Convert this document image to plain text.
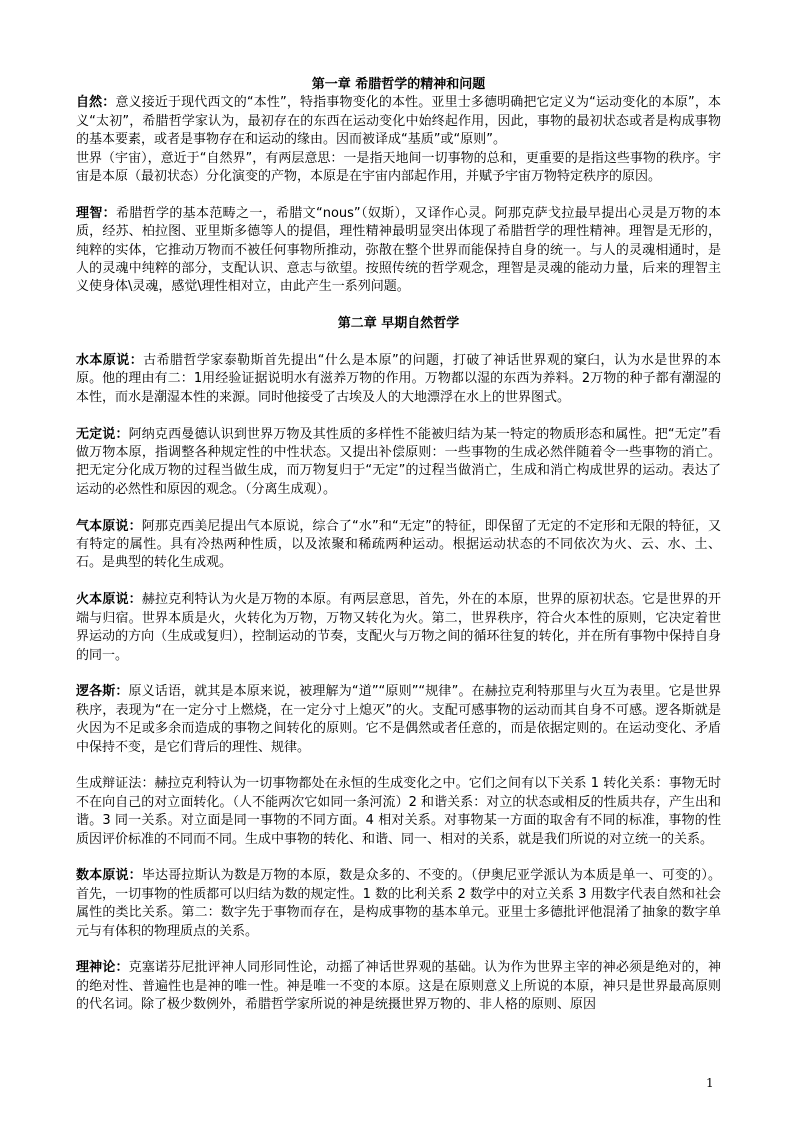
第一章 希腊哲学的精神和问题

自然：意义接近于现代西文的“本性”，特指事物变化的本性。亚里士多德明确把它定义为“运动变化的本原”，本义“太初”，希腊哲学家认为，最初存在的东西在运动变化中始终起作用，因此，事物的最初状态或者是构成事物的基本要素，或者是事物存在和运动的缘由。因而被译成“基质”或“原则”。

世界（宇宙），意近于“自然界”，有两层意思：一是指天地间一切事物的总和，更重要的是指这些事物的秩序。宇宙是本原（最初状态）分化演变的产物，本原是在宇宙内部起作用，并赋予宇宙万物特定秩序的原因。

理智：希腊哲学的基本范畴之一，希腊文“nous”（奴斯），又译作心灵。阿那克萨戈拉最早提出心灵是万物的本质，经苏、柏拉图、亚里斯多德等人的提倡，理性精神最明显突出体现了希腊哲学的理性精神。理智是无形的，纯粹的实体，它推动万物而不被任何事物所推动，弥散在整个世界而能保持自身的统一。与人的灵魂相通时，是人的灵魂中纯粹的部分，支配认识、意志与欲望。按照传统的哲学观念，理智是灵魂的能动力量，后来的理智主义使身体\灵魂，感觉\理性相对立，由此产生一系列问题。

第二章 早期自然哲学

水本原说：古希腊哲学家泰勒斯首先提出“什么是本原”的问题，打破了神话世界观的窠臼，认为水是世界的本原。他的理由有二：1用经验证据说明水有滋养万物的作用。万物都以湿的东西为养料。2万物的种子都有潮湿的本性，而水是潮湿本性的来源。同时他接受了古埃及人的大地漂浮在水上的世界图式。

无定说：阿纳克西曼德认识到世界万物及其性质的多样性不能被归结为某一特定的物质形态和属性。把“无定”看做万物本原，指调整各种规定性的中性状态。又提出补偿原则：一些事物的生成必然伴随着令一些事物的消亡。把无定分化成万物的过程当做生成，而万物复归于“无定”的过程当做消亡，生成和消亡构成世界的运动。表达了运动的必然性和原因的观念。（分离生成观）。

气本原说：阿那克西美尼提出气本原说，综合了“水”和“无定”的特征，即保留了无定的不定形和无限的特征，又有特定的属性。具有冷热两种性质，以及浓聚和稀疏两种运动。根据运动状态的不同依次为火、云、水、土、石。是典型的转化生成观。

火本原说：赫拉克利特认为火是万物的本原。有两层意思，首先，外在的本原，世界的原初状态。它是世界的开端与归宿。世界本质是火，火转化为万物，万物又转化为火。第二，世界秩序，符合火本性的原则，它决定着世界运动的方向（生成或复归），控制运动的节奏，支配火与万物之间的循环往复的转化，并在所有事物中保持自身的同一。

逻各斯：原义话语，就其是本原来说，被理解为“道”“原则”“规律”。在赫拉克利特那里与火互为表里。它是世界秩序，表现为“在一定分寸上燃烧，在一定分寸上熄灭”的火。支配可感事物的运动而其自身不可感。逻各斯就是火因为不足或多余而造成的事物之间转化的原则。它不是偶然或者任意的，而是依据定则的。在运动变化、矛盾中保持不变，是它们背后的理性、规律。

生成辩证法：赫拉克利特认为一切事物都处在永恒的生成变化之中。它们之间有以下关系 1 转化关系：事物无时不在向自己的对立面转化。（人不能两次它如同一条河流）2 和谐关系：对立的状态或相反的性质共存，产生出和谐。3 同一关系。对立面是同一事物的不同方面。4 相对关系。对事物某一方面的取舍有不同的标准，事物的性质因评价标准的不同而不同。生成中事物的转化、和谐、同一、相对的关系，就是我们所说的对立统一的关系。

数本原说：毕达哥拉斯认为数是万物的本原，数是众多的、不变的。（伊奥尼亚学派认为本质是单一、可变的）。首先，一切事物的性质都可以归结为数的规定性。1 数的比利关系 2 数学中的对立关系 3 用数字代表自然和社会属性的类比关系。第二：数字先于事物而存在，是构成事物的基本单元。亚里士多德批评他混淆了抽象的数字单元与有体积的物理质点的关系。

理神论：克塞诺芬尼批评神人同形同性论，动摇了神话世界观的基础。认为作为世界主宰的神必须是绝对的，神的绝对性、普遍性也是神的唯一性。神是唯一不变的本原。这是在原则意义上所说的本原，神只是世界最高原则的代名词。除了极少数例外，希腊哲学家所说的神是统摄世界万物的、非人格的原则、原因

1
